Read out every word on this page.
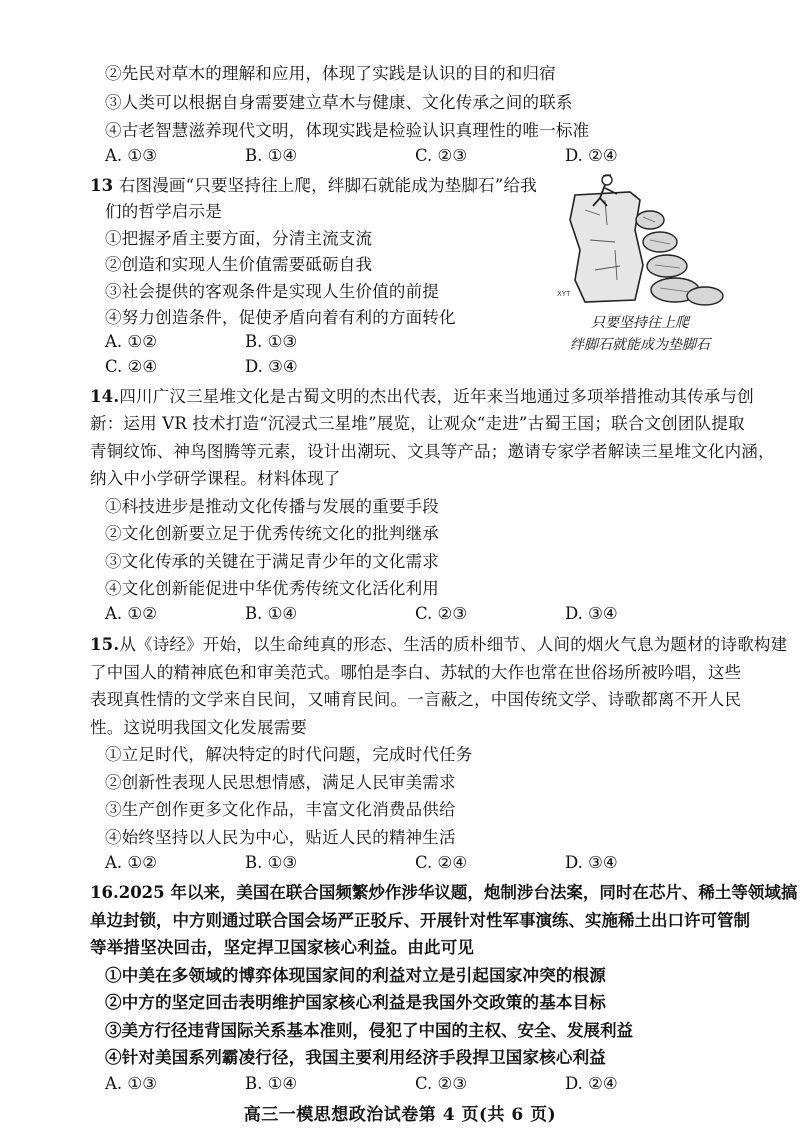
②先民对草木的理解和应用，体现了实践是认识的目的和归宿
③人类可以根据自身需要建立草木与健康、文化传承之间的联系
④古老智慧滋养现代文明，体现实践是检验认识真理性的唯一标准
A. ①③	B. ①④	C. ②③	D. ②④
13 右图漫画“只要坚持往上爬，绊脚石就能成为垫脚石”给我
们的哲学启示是
①把握矛盾主要方面，分清主流支流
②创造和实现人生价值需要砥砺自我
③社会提供的客观条件是实现人生价值的前提
④努力创造条件，促使矛盾向着有利的方面转化
A. ①②	B. ①③
C. ②④	D. ③④
XYT
只要坚持往上爬
绊脚石就能成为垫脚石
14.四川广汉三星堆文化是古蜀文明的杰出代表，近年来当地通过多项举措推动其传承与创
新：运用 VR 技术打造“沉浸式三星堆”展览，让观众“走进”古蜀王国；联合文创团队提取
青铜纹饰、神鸟图腾等元素，设计出潮玩、文具等产品；邀请专家学者解读三星堆文化内涵，
纳入中小学研学课程。材料体现了
①科技进步是推动文化传播与发展的重要手段
②文化创新要立足于优秀传统文化的批判继承
③文化传承的关键在于满足青少年的文化需求
④文化创新能促进中华优秀传统文化活化利用
A. ①②	B. ①④	C. ②③	D. ③④
15.从《诗经》开始，以生命纯真的形态、生活的质朴细节、人间的烟火气息为题材的诗歌构建
了中国人的精神底色和审美范式。哪怕是李白、苏轼的大作也常在世俗场所被吟唱，这些
表现真性情的文学来自民间，又哺育民间。一言蔽之，中国传统文学、诗歌都离不开人民
性。这说明我国文化发展需要
①立足时代，解决特定的时代问题，完成时代任务
②创新性表现人民思想情感，满足人民审美需求
③生产创作更多文化作品，丰富文化消费品供给
④始终坚持以人民为中心，贴近人民的精神生活
A. ①②	B. ①③	C. ②④	D. ③④
16.2025 年以来，美国在联合国频繁炒作涉华议题，炮制涉台法案，同时在芯片、稀土等领域搞
单边封锁，中方则通过联合国会场严正驳斥、开展针对性军事演练、实施稀土出口许可管制
等举措坚决回击，坚定捍卫国家核心利益。由此可见
①中美在多领域的博弈体现国家间的利益对立是引起国家冲突的根源
②中方的坚定回击表明维护国家核心利益是我国外交政策的基本目标
③美方行径违背国际关系基本准则，侵犯了中国的主权、安全、发展利益
④针对美国系列霸凌行径，我国主要利用经济手段捍卫国家核心利益
A. ①③	B. ①④	C. ②③	D. ②④
高三一模思想政治试卷第 4 页(共 6 页)
